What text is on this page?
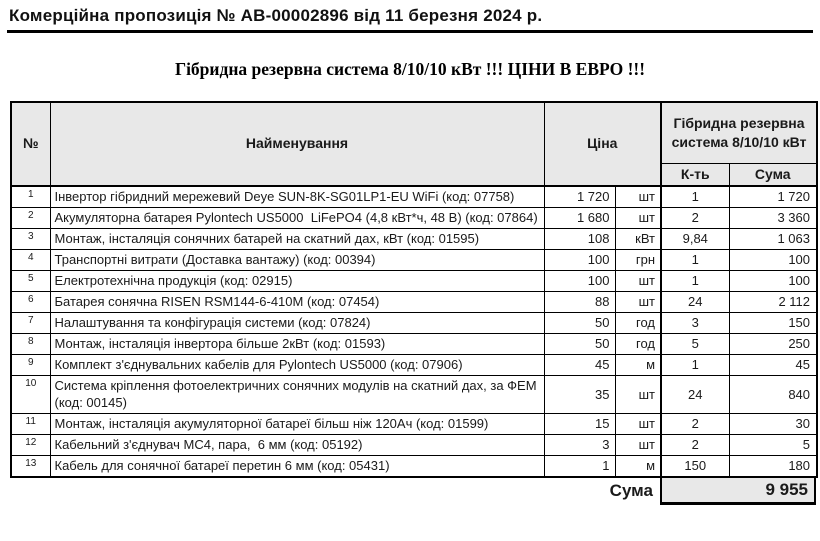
Комерційна пропозиція № АВ-00002896 від 11 березня 2024 р.
Гібридна резервна система 8/10/10 кВт !!! ЦІНИ В ЕВРО !!!
№	Найменування	Ціна		Гібридна резервна система 8/10/10 кВт	
				К-ть	Сума
1	Інвертор гібридний мережевий Deye SUN-8K-SG01LP1-EU WiFi (код: 07758)	1 720	шт	1	1 720
2	Акумуляторна батарея Pylontech US5000  LiFePO4 (4,8 кВт*ч, 48 В) (код: 07864)	1 680	шт	2	3 360
3	Монтаж, інсталяція сонячних батарей на скатний дах, кВт (код: 01595)	108	кВт	9,84	1 063
4	Транспортні витрати (Доставка вантажу) (код: 00394)	100	грн	1	100
5	Електротехнічна продукція (код: 02915)	100	шт	1	100
6	Батарея сонячна RISEN RSM144-6-410M (код: 07454)	88	шт	24	2 112
7	Налаштування та конфігурація системи (код: 07824)	50	год	3	150
8	Монтаж, інсталяція інвертора більше 2кВт (код: 01593)	50	год	5	250
9	Комплект з'єднувальних кабелів для Pylontech US5000 (код: 07906)	45	м	1	45
10	Система кріплення фотоелектричних сонячних модулів на скатний дах, за ФЕМ (код: 00145)	35	шт	24	840
11	Монтаж, інсталяція акумуляторної батареї більш ніж 120Ач (код: 01599)	15	шт	2	30
12	Кабельний з'єднувач МС4, пара,  6 мм (код: 05192)	3	шт	2	5
13	Кабель для сонячної батареї перетин 6 мм (код: 05431)	1	м	150	180
Сума	9 955
